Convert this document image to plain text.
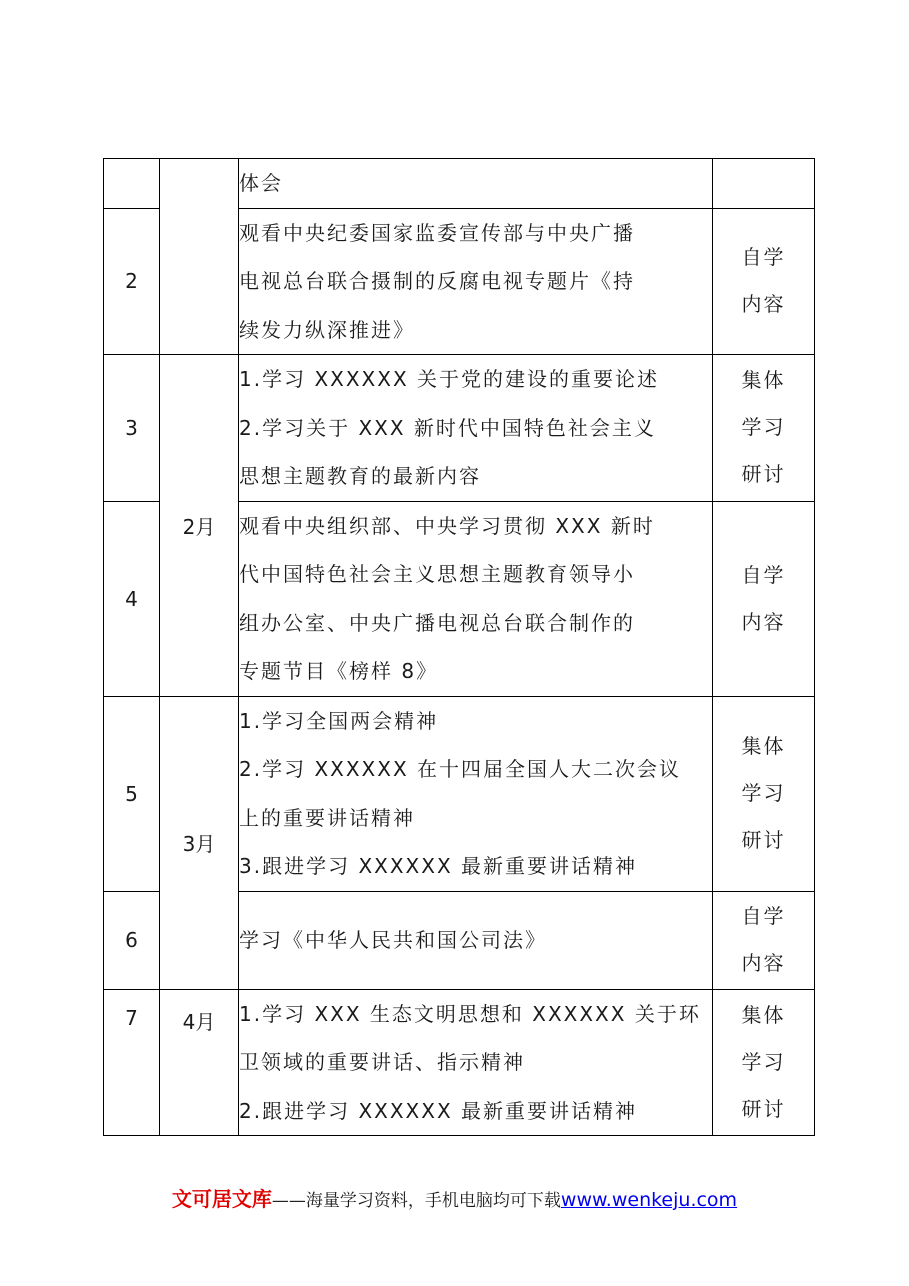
		体会	

2		观看中央纪委国家监委宣传部与中央广播
电视总台联合摄制的反腐电视专题片《持
续发力纵深推进》	自学
内容

3	2月	1.学习 XXXXXX 关于党的建设的重要论述
2.学习关于 XXX 新时代中国特色社会主义
思想主题教育的最新内容	集体
学习
研讨

4		观看中央组织部、中央学习贯彻 XXX 新时
代中国特色社会主义思想主题教育领导小
组办公室、中央广播电视总台联合制作的
专题节目《榜样 8》	自学
内容

5	3月	1.学习全国两会精神
2.学习 XXXXXX 在十四届全国人大二次会议
上的重要讲话精神
3.跟进学习 XXXXXX 最新重要讲话精神	集体
学习
研讨

6		学习《中华人民共和国公司法》	自学
内容

7	4月	1.学习 XXX 生态文明思想和 XXXXXX 关于环
卫领域的重要讲话、指示精神
2.跟进学习 XXXXXX 最新重要讲话精神	集体
学习
研讨
文可居文库——海量学习资料，手机电脑均可下载www.wenkeju.com
